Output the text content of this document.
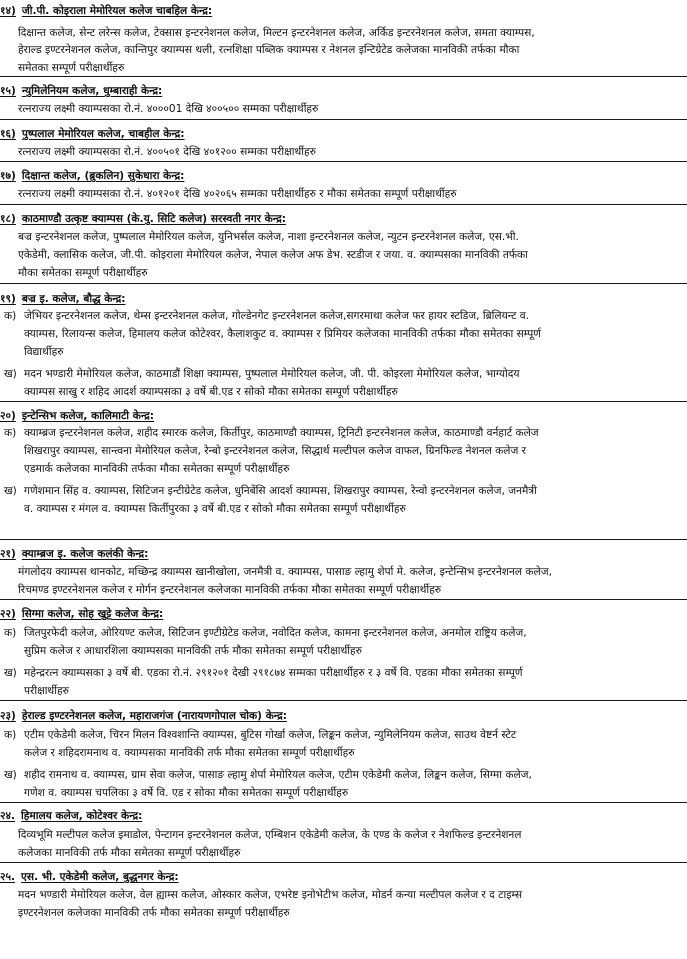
१४) जी.पी. कोइराला मेमोरियल कलेज चाबहिल केन्द्र:
दिक्षान्त कलेज, सेन्ट लरेन्स कलेज, टेक्सास इन्टरनेशनल कलेज, मिल्टन इन्टरनेशनल कलेज, अर्किड इन्टरनेशनल कलेज, समता क्याम्पस,
हेराल्ड इण्टरनेशनल कलेज, कान्तिपुर क्याम्पस थली, रत्नशिक्षा पब्लिक क्याम्पस र नेशनल इन्टिग्रेटेड कलेजका मानविकी तर्फका मौका
समेतका सम्पूर्ण परीक्षार्थीहरु
१५) न्युमिलेनियम कलेज, धुम्बाराही केन्द्र:
रत्नराज्य लक्ष्मी क्याम्पसका रो.नं. ४०००01 देखि ४००५०० सम्मका परीक्षार्थीहरु
१६) पुष्पलाल मेमोरियल कलेज, चाबहील केन्द्र:
रत्नराज्य लक्ष्मी क्याम्पसका रो.नं. ४००५०१ देखि ४०१२०० सम्मका परीक्षार्थीहरु
१७) दिक्षान्त कलेज, (ब्रुकलिन) सुकेधारा केन्द्र:
रत्नराज्य लक्ष्मी क्याम्पसका रो.नं. ४०१२०१ देखि ४०२०६५ सम्मका परीक्षार्थीहरु र मौका समेतका सम्पूर्ण परीक्षार्थीहरु
१८) काठमाण्डौ उत्कृष्ट क्याम्पस (के.यु. सिटि कलेज) सरस्वती नगर केन्द्र:
बज्र इन्टरनेशनल कलेज, पुष्पलाल मेमोरियल कलेज, युनिभर्सल कलेज, नाशा इन्टरनेशनल कलेज, न्युटन इन्टरनेशनल कलेज, एस.भी.
एकेडेमी, क्लासिक कलेज, जी.पी. कोइराला मेमोरियल कलेज, नेपाल कलेज अफ डेभ. स्टडीज र जया. व. क्याम्पसका मानविकी तर्फका
मौका समेतका सम्पूर्ण परीक्षार्थीहरु
१९) बज्र इ. कलेज, बौद्ध केन्द्र:
क) जेभियर इन्टरनेशनल कलेज, थेम्स इन्टरनेशनल कलेज, गोल्डेनगेट इन्टरनेशनल कलेज,सगरमाथा कलेज फर हायर स्टडिज, ब्रिलियन्ट व.
क्याम्पस, रिलायन्स कलेज, हिमालय कलेज कोटेश्वर, कैलाशकुट व. क्याम्पस र प्रिमियर कलेजका मानविकी तर्फका मौका समेतका सम्पूर्ण
विद्यार्थीहरु
ख) मदन भण्डारी मेमोरियल कलेज, काठमाडौं शिक्षा क्याम्पस, पुष्पलाल मेमोरियल कलेज, जी. पी. कोइरला मेमोरियल कलेज, भाग्योदय
क्याम्पस साखु र शहिद आदर्श क्याम्पसका ३ वर्षे बी.एड र सोको मौका समेतका सम्पूर्ण परीक्षार्थीहरु
२०) इन्टेन्सिभ कलेज, कालिमाटी केन्द्र:
क) क्याम्ब्रज इन्टरनेशनल कलेज, शहीद स्मारक कलेज, किर्तीपुर, काठमाण्डौ क्याम्पस, ट्रिनिटी इन्टरनेशनल कलेज, काठमाण्डौ वर्नहार्ट कलेज
शिखरापुर क्याम्पस, सान्त्वना मेमोरियल कलेज, रेन्बो इन्टरनेशनल कलेज, सिद्धार्थ मल्टीपल कलेज वाफल, ग्रिनफिल्ड नेशनल कलेज र
एडमार्क कलेजका मानविकी तर्फका मौका समेतका सम्पूर्ण परीक्षार्थीहरु
ख) गणेशमान सिंह व. क्याम्पस, सिटिजन इन्टीग्रेटेड कलेज, धुनिबेंसि आदर्श क्याम्पस, शिखरापुर क्याम्पस, रेन्वो इन्टरनेशनल कलेज, जनमैत्री
व. क्याम्पस र मंगल व. क्याम्पस किर्तीपुरका ३ वर्षे बी.एड र सोको मौका समेतका सम्पूर्ण परीक्षार्थीहरु
२१) क्याम्ब्रज इ. कलेज कलंकी केन्द्र:
मंगलोदय क्याम्पस थानकोट, मच्छिन्द्र क्याम्पस खानीखोला, जनमैत्री व. क्याम्पस, पासाङ ल्हामु शेर्पा मे. कलेज, इन्टेन्सिभ इन्टरनेशनल कलेज,
रिचमण्ड इण्टरनेशनल कलेज र मोर्गन इन्टरनेशनल कलेजका मानविकी तर्फका मौका समेतका सम्पूर्ण परीक्षार्थीहरु
२२) सिग्मा कलेज, सोह खुट्टे कलेज केन्द्र:
क) जितपुरफेदी कलेज, ओरियण्ट कलेज, सिटिजन इण्टीग्रेटेड कलेज, नवोदित कलेज, कामना इन्टरनेशनल कलेज, अनमोल राष्ट्रिय कलेज,
सुप्रिम कलेज र आधारशिला क्याम्पसका मानविकी तर्फ मौका समेतका सम्पूर्ण परीक्षार्थीहरु
ख) महेन्द्ररत्न क्याम्पसका ३ वर्षे बी. एडका रो.नं. २९१२०१ देखी २९१८७४ सम्मका परीक्षार्थीहरु र ३ वर्षे वि. एडका मौका समेतका सम्पूर्ण
परीक्षार्थीहरु
२३) हेराल्ड इण्टरनेशनल कलेज, महाराजगंज (नारायणगोपाल चोक) केन्द्र:
क) एटीम एकेडेमी कलेज, चिरन मिलन विश्वशान्ति क्याम्पस, बुटिस गोर्खा कलेज, लिङ्कन कलेज, न्युमिलेनियम कलेज, साउथ वेष्टर्न स्टेट
कलेज र शहिदरामनाथ व. क्याम्पसका मानविकी तर्फ मौका समेतका सम्पूर्ण परीक्षार्थीहरु
ख) शहीद रामनाथ व. क्याम्पस, ग्राम सेवा कलेज, पासाङ ल्हामु शेर्पा मेमोरियल कलेज, एटीम एकेडेमी कलेज, लिङ्कन कलेज, सिग्मा कलेज,
गणेश व. क्याम्पस चपलिका ३ वर्षे वि. एड र सोका मौका समेतका सम्पूर्ण परीक्षार्थीहरु
२४. हिमालय कलेज, कोटेश्वर केन्द्र:
दिव्यभूमि मल्टीपल कलेज इमाडोल, पेन्टागन इन्टरनेशनल कलेज, एम्बिशन एकेडेमी कलेज, के एण्ड के कलेज र नेशफिल्ड इन्टरनेशनल
कलेजका मानविकी तर्फ मौका समेतका सम्पूर्ण परीक्षार्थीहरु
२५. एस. भी. एकेडेमी कलेज, बुद्धनगर केन्द्र:
मदन भण्डारी मेमोरियल कलेज, वेल ह्याम्स कलेज, ओस्कार कलेज, एभरेष्ट इनोभेटीभ कलेज, मोडर्न कन्या मल्टीपल कलेज र द टाइम्स
इण्टरनेशनल कलेजका मानविकी तर्फ मौका समेतका सम्पूर्ण परीक्षार्थीहरु
